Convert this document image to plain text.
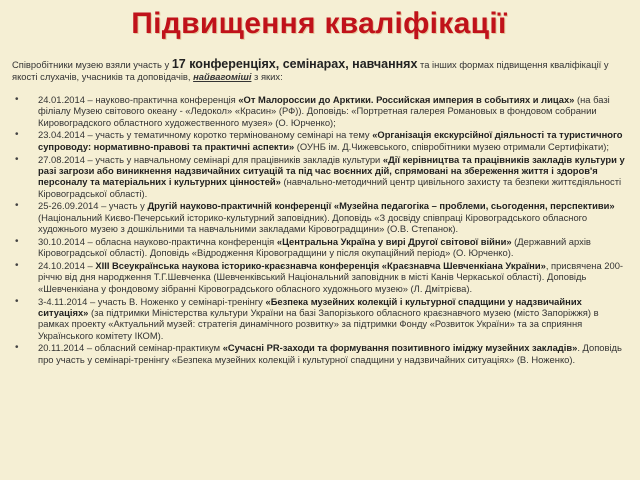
Підвищення кваліфікації

Співробітники музею взяли участь у 17 конференціях, семінарах, навчаннях та інших формах підвищення кваліфікації у якості слухачів, учасників та доповідачів, найвагоміші з яких:

• 24.01.2014 – науково-практична конференція «От Малороссии до Арктики. Российская империя в событиях и лицах» (на базі філіалу Музею світового океану - «Ледокол» «Красин» (РФ)). Доповідь: «Портретная галерея Романовых в фондовом собрании Кировоградского областного художественного музея» (О. Юрченко);
• 23.04.2014 – участь у тематичному коротко термінованому семінарі на тему «Організація екскурсійної діяльності та туристичного супроводу: нормативно-правові та практичні аспекти» (ОУНБ ім. Д.Чижевського, співробітники музею отримали Сертифікати);
• 27.08.2014 – участь у навчальному семінарі для працівників закладів культури «Дії керівництва та працівників закладів культури у разі загрози або виникнення надзвичайних ситуацій та під час воєнних дій, спрямовані на збереження життя і здоров'я персоналу та матеріальних і культурних цінностей» (навчально-методичний центр цивільного захисту та безпеки життєдіяльності Кіровоградської області).
• 25-26.09.2014 – участь у Другій науково-практичній конференції «Музейна педагогіка – проблеми, сьогодення, перспективи» (Національний Києво-Печерський історико-культурний заповідник). Доповідь «З досвіду співпраці Кіровоградського обласного художнього музею з дошкільними та навчальними закладами Кіровоградщини» (О.В. Степанок).
• 30.10.2014 – обласна науково-практична конференція «Центральна Україна у вирі Другої світової війни» (Державний архів Кіровоградської області). Доповідь «Відродження Кіровоградщини у після окупаційний період» (О. Юрченко).
• 24.10.2014 – XIII Всеукраїнська наукова історико-краєзнавча конференція «Краєзнавча Шевченкіана України», присвячена 200-річчю від дня народження Т.Г.Шевченка (Шевченківський Національний заповідник в місті Канів Черкаської області). Доповідь «Шевченкіана у фондовому зібранні Кіровоградського обласного художнього музею» (Л. Дмітрієва).
• 3-4.11.2014 – участь В. Ноженко у семінарі-тренінгу «Безпека музейних колекцій і культурної спадщини у надзвичайних ситуаціях» (за підтримки Міністерства культури України на базі Запорізького обласного краєзнавчого музею (місто Запоріжжя) в рамках проекту «Актуальний музей: стратегія динамічного розвитку» за підтримки Фонду «Розвиток України» та за сприяння Українського комітету ІКОМ).
• 20.11.2014 – обласний семінар-практикум «Сучасні PR-заходи та формування позитивного іміджу музейних закладів». Доповідь про участь у семінарі-тренінгу «Безпека музейних колекцій і культурної спадщини у надзвичайних ситуаціях» (В. Ноженко).
